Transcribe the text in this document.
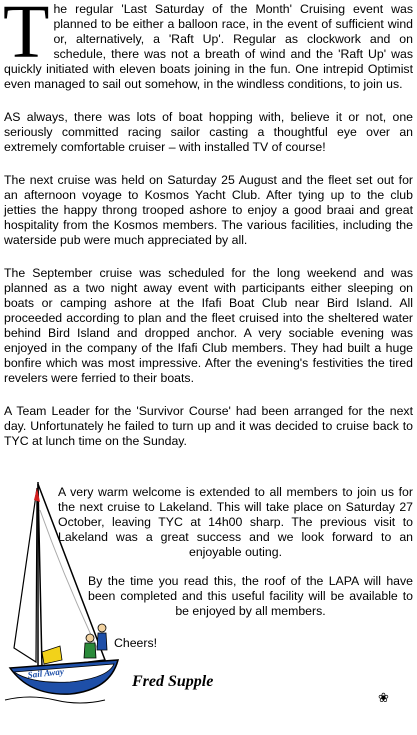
The regular 'Last Saturday of the Month' Cruising event was planned to be either a balloon race, in the event of sufficient wind or, alternatively, a 'Raft Up'. Regular as clockwork and on schedule, there was not a breath of wind and the 'Raft Up' was quickly initiated with eleven boats joining in the fun. One intrepid Optimist even managed to sail out somehow, in the windless conditions, to join us.

AS always, there was lots of boat hopping with, believe it or not, one seriously committed racing sailor casting a thoughtful eye over an extremely comfortable cruiser – with installed TV of course!

The next cruise was held on Saturday 25 August and the fleet set out for an afternoon voyage to Kosmos Yacht Club. After tying up to the club jetties the happy throng trooped ashore to enjoy a good braai and great hospitality from the Kosmos members. The various facilities, including the waterside pub were much appreciated by all.

The September cruise was scheduled for the long weekend and was planned as a two night away event with participants either sleeping on boats or camping ashore at the Ifafi Boat Club near Bird Island. All proceeded according to plan and the fleet cruised into the sheltered water behind Bird Island and dropped anchor. A very sociable evening was enjoyed in the company of the Ifafi Club members. They had built a huge bonfire which was most impressive. After the evening's festivities the tired revelers were ferried to their boats.

A Team Leader for the 'Survivor Course' had been arranged for the next day. Unfortunately he failed to turn up and it was decided to cruise back to TYC at lunch time on the Sunday.

Sail Away
A very warm welcome is extended to all members to join us for the next cruise to Lakeland. This will take place on Saturday 27 October, leaving TYC at 14h00 sharp. The previous visit to Lakeland was a great success and we look forward to an enjoyable outing.
By the time you read this, the roof of the LAPA will have been completed and this useful facility will be available to be enjoyed by all members.
Cheers!
Fred Supple
❀
